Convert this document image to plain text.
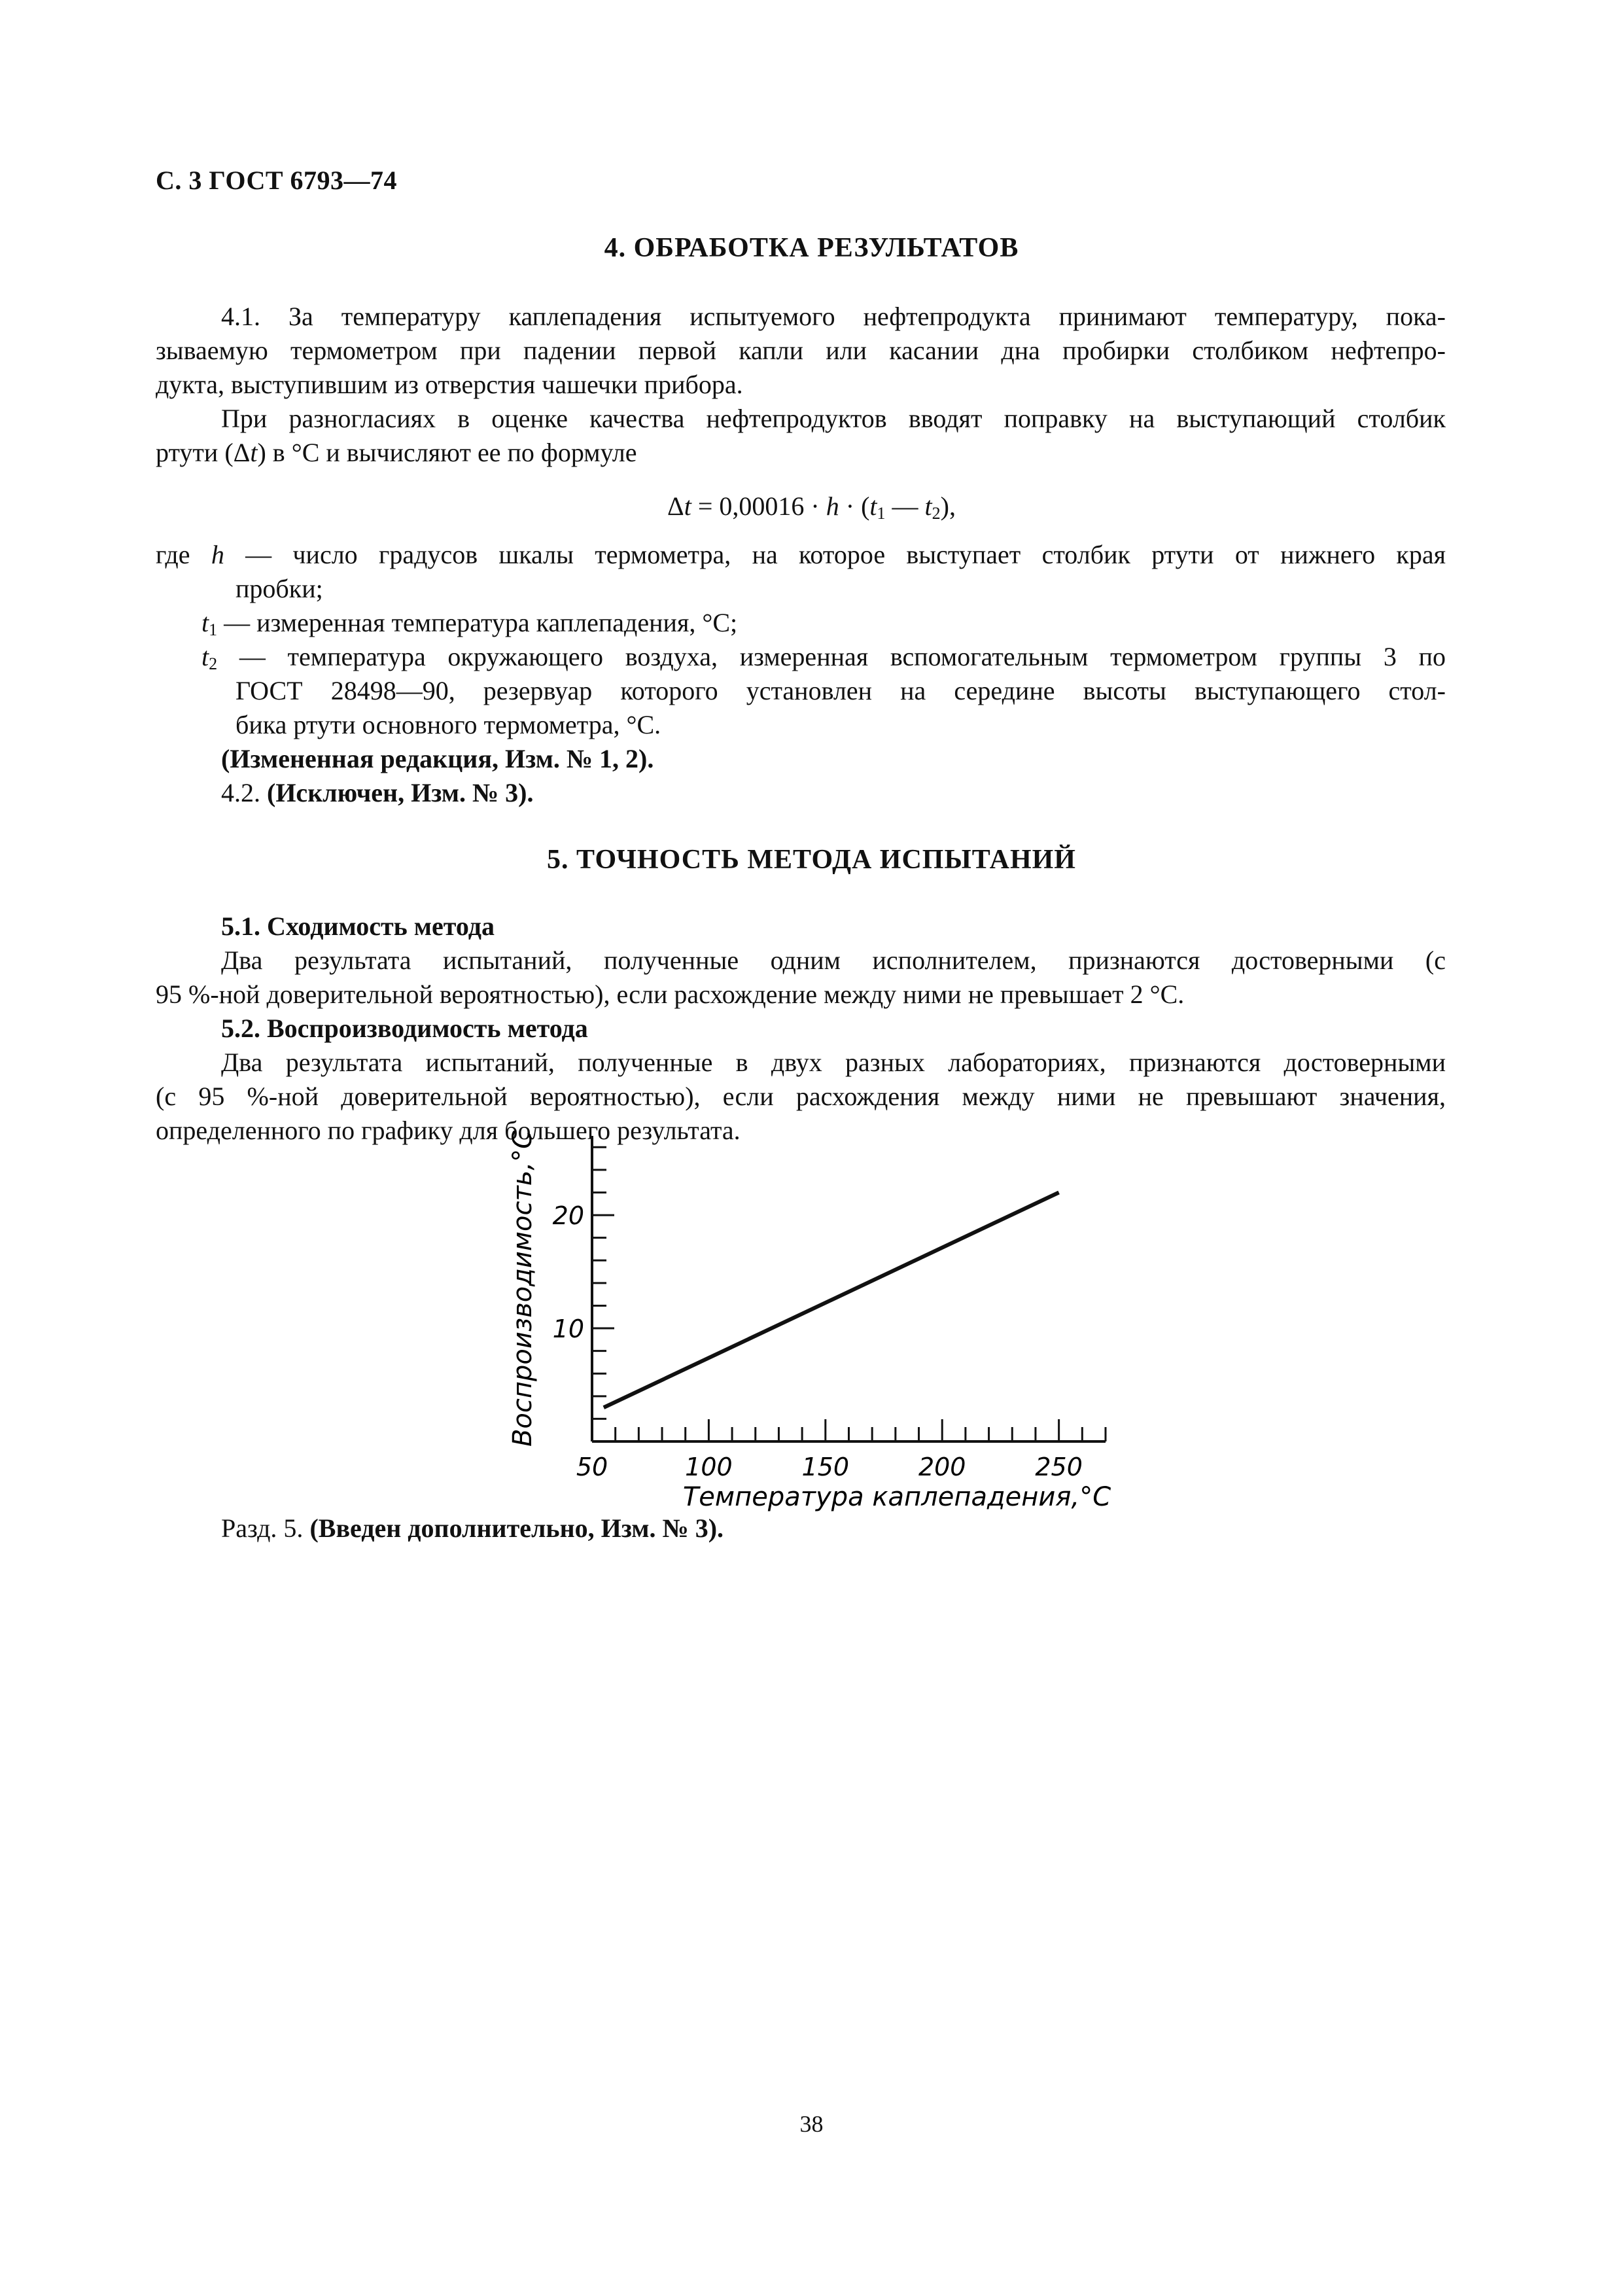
С. 3 ГОСТ 6793—74

4. ОБРАБОТКА РЕЗУЛЬТАТОВ

4.1. За температуру каплепадения испытуемого нефтепродукта принимают температуру, пока-

зываемую термометром при падении первой капли или касании дна пробирки столбиком нефтепро-

дукта, выступившим из отверстия чашечки прибора.

При разногласиях в оценке качества нефтепродуктов вводят поправку на выступающий столбик

ртути (Δt) в °С и вычисляют ее по формуле

$\Delta t = 0,00016 \cdot h \cdot (t_1$ — $t_2$),

где h — число градусов шкалы термометра, на которое выступает столбик ртути от нижнего края

пробки;

$t_1$ — измеренная температура каплепадения, °С;

$t_2$ — температура окружающего воздуха, измеренная вспомогательным термометром группы 3 по

ГОСТ 28498—90, резервуар которого установлен на середине высоты выступающего стол-

бика ртути основного термометра, °С.

(Измененная редакция, Изм. № 1, 2).

4.2. (Исключен, Изм. № 3).

5. ТОЧНОСТЬ МЕТОДА ИСПЫТАНИЙ

5.1. Сходимость метода

Два результата испытаний, полученные одним исполнителем, признаются достоверными (с

95 %-ной доверительной вероятностью), если расхождение между ними не превышает 2 °С.

5.2. Воспроизводимость метода

Два результата испытаний, полученные в двух разных лабораториях, признаются достоверными

(с 95 %-ной доверительной вероятностью), если расхождения между ними не превышают значения,

определенного по графику для большего результата.

50	100	150	200	250
10
20
Температура каплепадения,°С
Воспроизводимость,°С

Разд. 5. (Введен дополнительно, Изм. № 3).

38
